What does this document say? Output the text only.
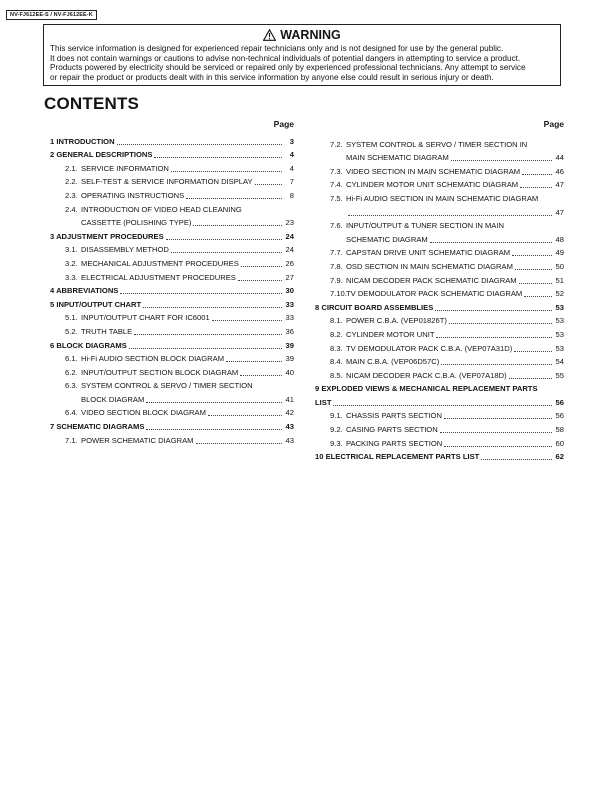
NV-FJ612EE-S / NV-FJ612EE-K
WARNING
This service information is designed for experienced repair technicians only and is not designed for use by the general public.
It does not contain warnings or cautions to advise non-technical individuals of potential dangers in attempting to service a product.
Products powered by electricity should be serviced or repaired only by experienced professional technicians. Any attempt to service
or repair the product or products dealt with in this service information by anyone else could result in serious injury or death.
CONTENTS
Page
1 INTRODUCTION	3
2 GENERAL DESCRIPTIONS	4
2.1. SERVICE INFORMATION	4
2.2. SELF-TEST & SERVICE INFORMATION DISPLAY	7
2.3. OPERATING INSTRUCTIONS	8
2.4. INTRODUCTION OF VIDEO HEAD CLEANING
CASSETTE (POLISHING TYPE)	23
3 ADJUSTMENT PROCEDURES	24
3.1. DISASSEMBLY METHOD	24
3.2. MECHANICAL ADJUSTMENT PROCEDURES	26
3.3. ELECTRICAL ADJUSTMENT PROCEDURES	27
4 ABBREVIATIONS	30
5 INPUT/OUTPUT CHART	33
5.1. INPUT/OUTPUT CHART FOR IC6001	33
5.2. TRUTH TABLE	36
6 BLOCK DIAGRAMS	39
6.1. Hi-Fi AUDIO SECTION BLOCK DIAGRAM	39
6.2. INPUT/OUTPUT SECTION BLOCK DIAGRAM	40
6.3. SYSTEM CONTROL & SERVO / TIMER SECTION
BLOCK DIAGRAM	41
6.4. VIDEO SECTION BLOCK DIAGRAM	42
7 SCHEMATIC DIAGRAMS	43
7.1. POWER SCHEMATIC DIAGRAM	43
Page
7.2. SYSTEM CONTROL & SERVO / TIMER SECTION IN
MAIN SCHEMATIC DIAGRAM	44
7.3. VIDEO SECTION IN MAIN SCHEMATIC DIAGRAM	46
7.4. CYLINDER MOTOR UNIT SCHEMATIC DIAGRAM	47
7.5. Hi-Fi AUDIO SECTION IN MAIN SCHEMATIC DIAGRAM
47
7.6. INPUT/OUTPUT & TUNER SECTION IN MAIN
SCHEMATIC DIAGRAM	48
7.7. CAPSTAN DRIVE UNIT SCHEMATIC DIAGRAM	49
7.8. OSD SECTION IN MAIN SCHEMATIC DIAGRAM	50
7.9. NICAM DECODER PACK SCHEMATIC DIAGRAM	51
7.10.TV DEMODULATOR PACK SCHEMATIC DIAGRAM	52
8 CIRCUIT BOARD ASSEMBLIES	53
8.1. POWER C.B.A. (VEP01826T)	53
8.2. CYLINDER MOTOR UNIT	53
8.3. TV DEMODULATOR PACK C.B.A. (VEP07A31D)	53
8.4. MAIN C.B.A. (VEP06D57C)	54
8.5. NICAM DECODER PACK C.B.A. (VEP07A18D)	55
9 EXPLODED VIEWS & MECHANICAL REPLACEMENT PARTS
LIST	56
9.1. CHASSIS PARTS SECTION	56
9.2. CASING PARTS SECTION	58
9.3. PACKING PARTS SECTION	60
10 ELECTRICAL REPLACEMENT PARTS LIST	62
